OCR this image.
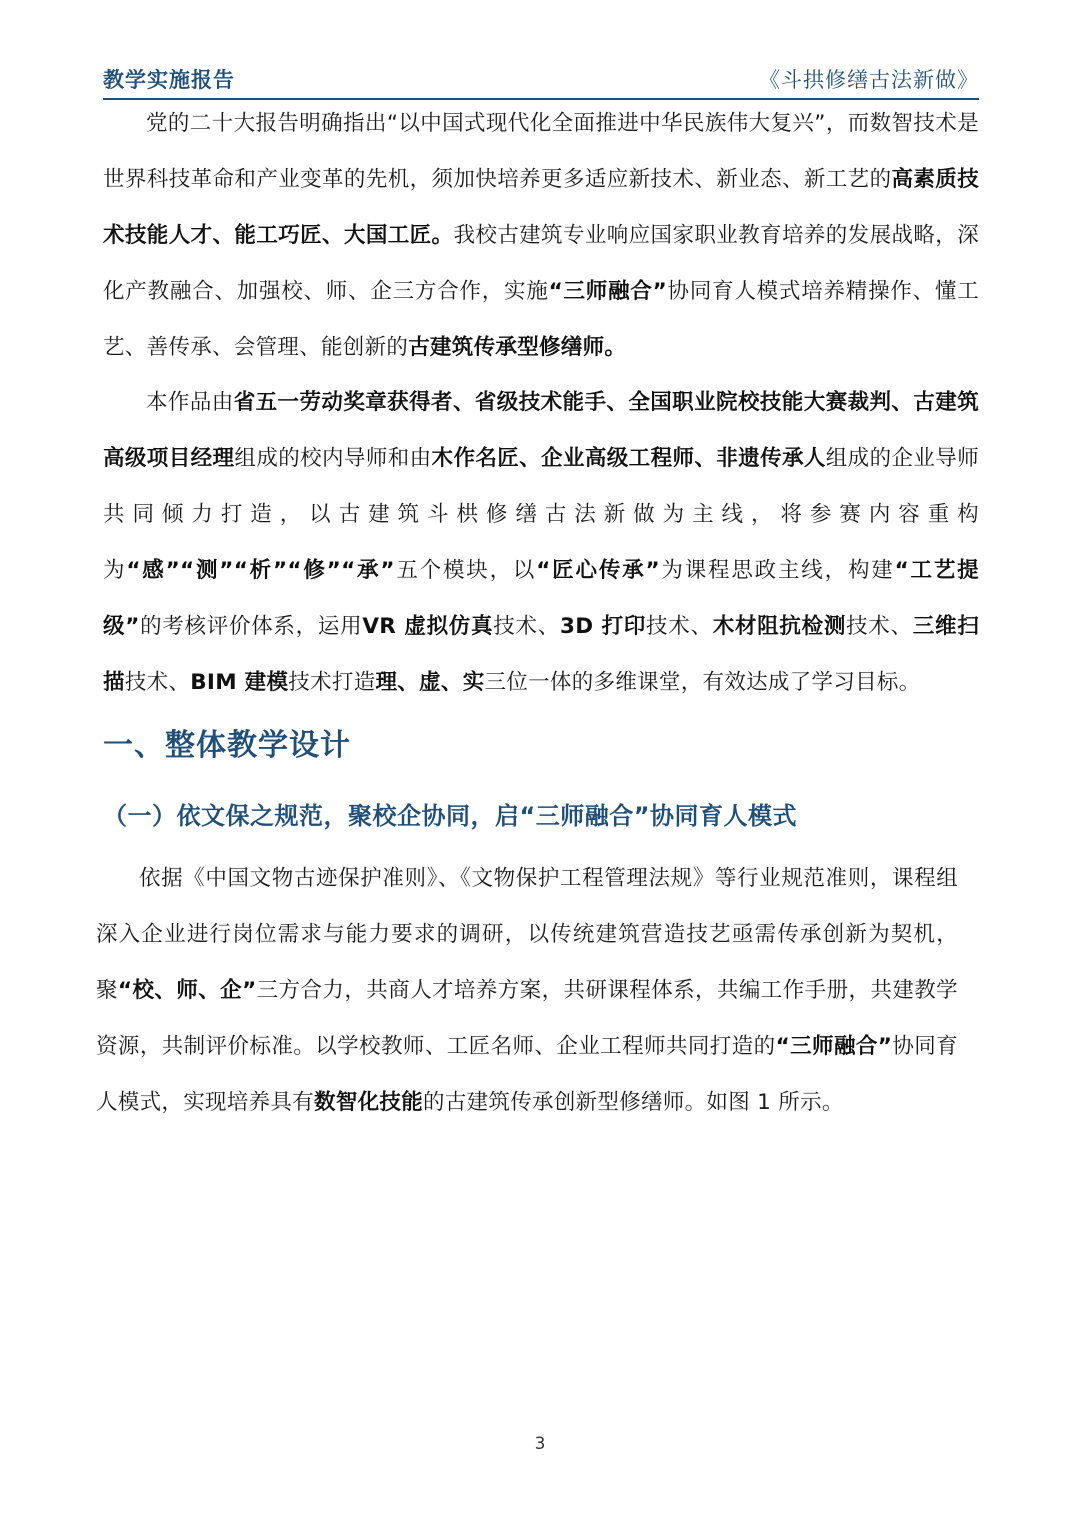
教学实施报告	《斗拱修缮古法新做》

党的二十大报告明确指出“以中国式现代化全面推进中华民族伟大复兴”，而数智技术是世界科技革命和产业变革的先机，须加快培养更多适应新技术、新业态、新工艺的高素质技术技能人才、能工巧匠、大国工匠。我校古建筑专业响应国家职业教育培养的发展战略，深化产教融合、加强校、师、企三方合作，实施“三师融合”协同育人模式培养精操作、懂工艺、善传承、会管理、能创新的古建筑传承型修缮师。

本作品由省五一劳动奖章获得者、省级技术能手、全国职业院校技能大赛裁判、古建筑高级项目经理组成的校内导师和由木作名匠、企业高级工程师、非遗传承人组成的企业导师共同倾力打造，以古建筑斗栱修缮古法新做为主线，将参赛内容重构为“感”“测”“析”“修”“承”五个模块，以“匠心传承”为课程思政主线，构建“工艺提级”的考核评价体系，运用VR 虚拟仿真技术、3D 打印技术、木材阻抗检测技术、三维扫描技术、BIM 建模技术打造理、虚、实三位一体的多维课堂，有效达成了学习目标。

一、整体教学设计
（一）依文保之规范，聚校企协同，启“三师融合”协同育人模式

依据《中国文物古迹保护准则》、《文物保护工程管理法规》等行业规范准则，课程组深入企业进行岗位需求与能力要求的调研，以传统建筑营造技艺亟需传承创新为契机，聚“校、师、企”三方合力，共商人才培养方案，共研课程体系，共编工作手册，共建教学资源，共制评价标准。以学校教师、工匠名师、企业工程师共同打造的“三师融合”协同育人模式，实现培养具有数智化技能的古建筑传承创新型修缮师。如图 1 所示。

3
